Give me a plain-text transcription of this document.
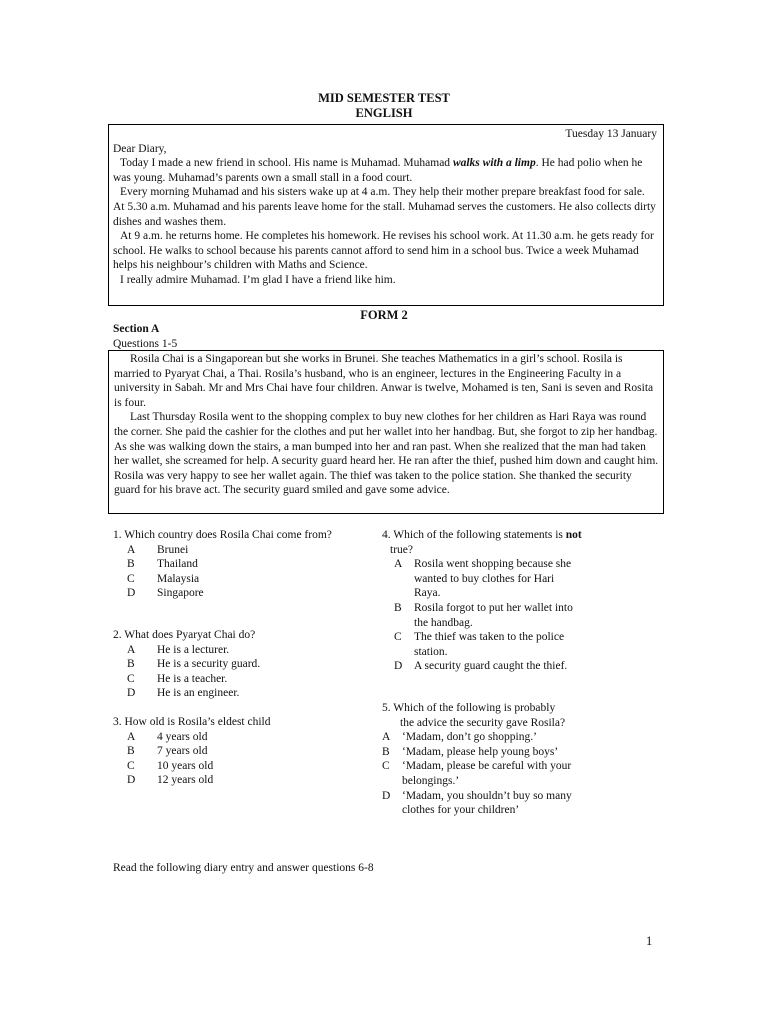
MID SEMESTER TEST
ENGLISH

Tuesday 13 January

Dear Diary,

Today I made a new friend in school. His name is Muhamad. Muhamad walks with a limp. He had polio when he was young. Muhamad’s parents own a small stall in a food court.

Every morning Muhamad and his sisters wake up at 4 a.m. They help their mother prepare breakfast food for sale. At 5.30 a.m. Muhamad and his parents leave home for the stall. Muhamad serves the customers. He also collects dirty dishes and washes them.

At 9 a.m. he returns home. He completes his homework. He revises his school work. At 11.30 a.m. he gets ready for school. He walks to school because his parents cannot afford to send him in a school bus. Twice a week Muhamad helps his neighbour’s children with Maths and Science.

I really admire Muhamad. I’m glad I have a friend like him.

FORM 2
Section A
Questions 1-5

Rosila Chai is a Singaporean but she works in Brunei. She teaches Mathematics in a girl’s school. Rosila is married to Pyaryat Chai, a Thai. Rosila’s husband, who is an engineer, lectures in the Engineering Faculty in a university in Sabah. Mr and Mrs Chai have four children. Anwar is twelve, Mohamed is ten, Sani is seven and Rosita is four.

Last Thursday Rosila went to the shopping complex to buy new clothes for her children as Hari Raya was round the corner. She paid the cashier for the clothes and put her wallet into her handbag. But, she forgot to zip her handbag. As she was walking down the stairs, a man bumped into her and ran past. When she realized that the man had taken her wallet, she screamed for help. A security guard heard her. He ran after the thief, pushed him down and caught him. Rosila was very happy to see her wallet again. The thief was taken to the police station. She thanked the security guard for his brave act. The security guard smiled and gave some advice.

1. Which country does Rosila Chai come from?

A	Brunei
B	Thailand
C	Malaysia
D	Singapore

2. What does Pyaryat Chai do?

A	He is a lecturer.
B	He is a security guard.
C	He is a teacher.
D	He is an engineer.

3. How old is Rosila’s eldest child

A	4 years old
B	7 years old
C	10 years old
D	12 years old

4. Which of the following statements is not true?

A	Rosila went shopping because she wanted to buy clothes for Hari Raya.
B	Rosila forgot to put her wallet into the handbag.
C	The thief was taken to the police station.
D	A security guard caught the thief.

5. Which of the following is probably the advice the security gave Rosila?

A	‘Madam, don’t go shopping.’
B	‘Madam, please help young boys’
C	‘Madam, please be careful with your belongings.’
D	‘Madam, you shouldn’t buy so many clothes for your children’
Read the following diary entry and answer questions 6-8
1
